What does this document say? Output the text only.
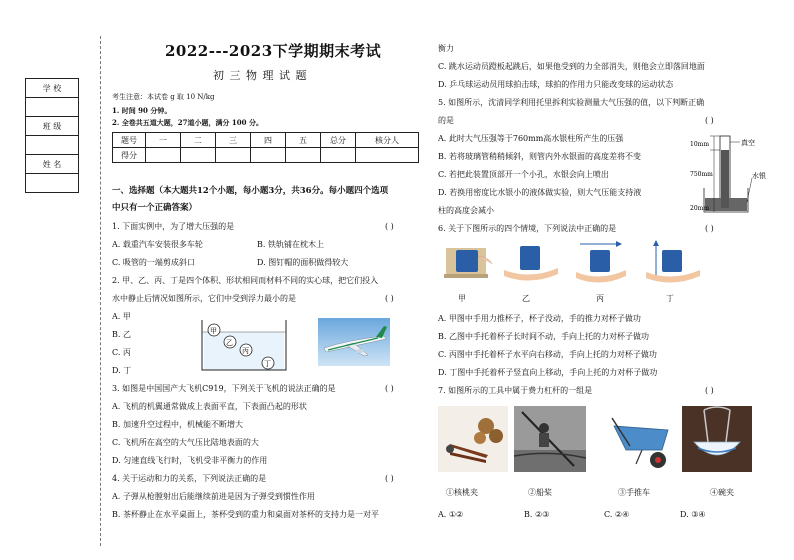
学 校

班 级

姓 名

2022---2023下学期期末考试
初 三 物 理 试 题
考生注意：本试卷 g 取 10 N/kg
1. 时间 90 分钟。
2. 全卷共五道大题，27道小题，满分 100 分。
题号	一	二	三	四	五	总分	核分人
得分							
一、选择题（本大题共12个小题，每小题3分，共36分。每小题四个选项
中只有一个正确答案）
1. 下面实例中，为了增大压强的是	( )
A. 载重汽车安装很多车轮	B. 铁轨铺在枕木上
C. 吸管的一端剪成斜口	D. 图钉帽的面积做得较大
2. 甲、乙、丙、丁是四个体积、形状相同而材料不同的实心球，把它们投入
水中静止后情况如图所示，它们中受到浮力最小的是	( )
A. 甲
B. 乙
C. 丙
D. 丁
甲
乙
丙
丁
3. 如图是中国国产大飞机C919，下列关于飞机的说法正确的是	( )
A. 飞机的机翼通常做成上表面平直，下表面凸起的形状
B. 加速升空过程中，机械能不断增大
C. 飞机所在高空的大气压比陆地表面的大
D. 匀速直线飞行时，飞机受非平衡力的作用
4. 关于运动和力的关系，下列说法正确的是	( )
A. 子弹从枪膛射出后能继续前进是因为子弹受到惯性作用
B. 茶杯静止在水平桌面上，茶杯受到的重力和桌面对茶杯的支持力是一对平
衡力
C. 跳水运动员蹬板起跳后，如果他受到的力全部消失，则他会立即落回地面
D. 乒乓球运动员用球拍击球，球拍的作用力只能改变球的运动状态
5. 如图所示，沈清同学利用托里拆利实验测量大气压强的值，以下判断正确
的是	( )
A. 此时大气压强等于760mm高水银柱所产生的压强
B. 若将玻璃管稍稍倾斜，则管内外水银面的高度差将不变
C. 若把此装置顶部开一个小孔，水银会向上喷出
D. 若换用密度比水银小的液体做实验，则大气压能支持液
柱的高度会减小
10mm
750mm
20mm
真空
水银
6. 关于下图所示的四个情境，下列说法中正确的是	( )
甲	乙	丙	丁
A. 甲图中手用力推杯子，杯子没动，手的推力对杯子做功
B. 乙图中手托着杯子长时间不动，手向上托的力对杯子做功
C. 丙图中手托着杯子水平向右移动，手向上托的力对杯子做功
D. 丁图中手托着杯子竖直向上移动，手向上托的力对杯子做功
7. 如图所示的工具中属于费力杠杆的一组是	( )
①核桃夹	②船桨	③手推车	④碗夹
A. ①②	B. ②③	C. ②④	D. ③④
